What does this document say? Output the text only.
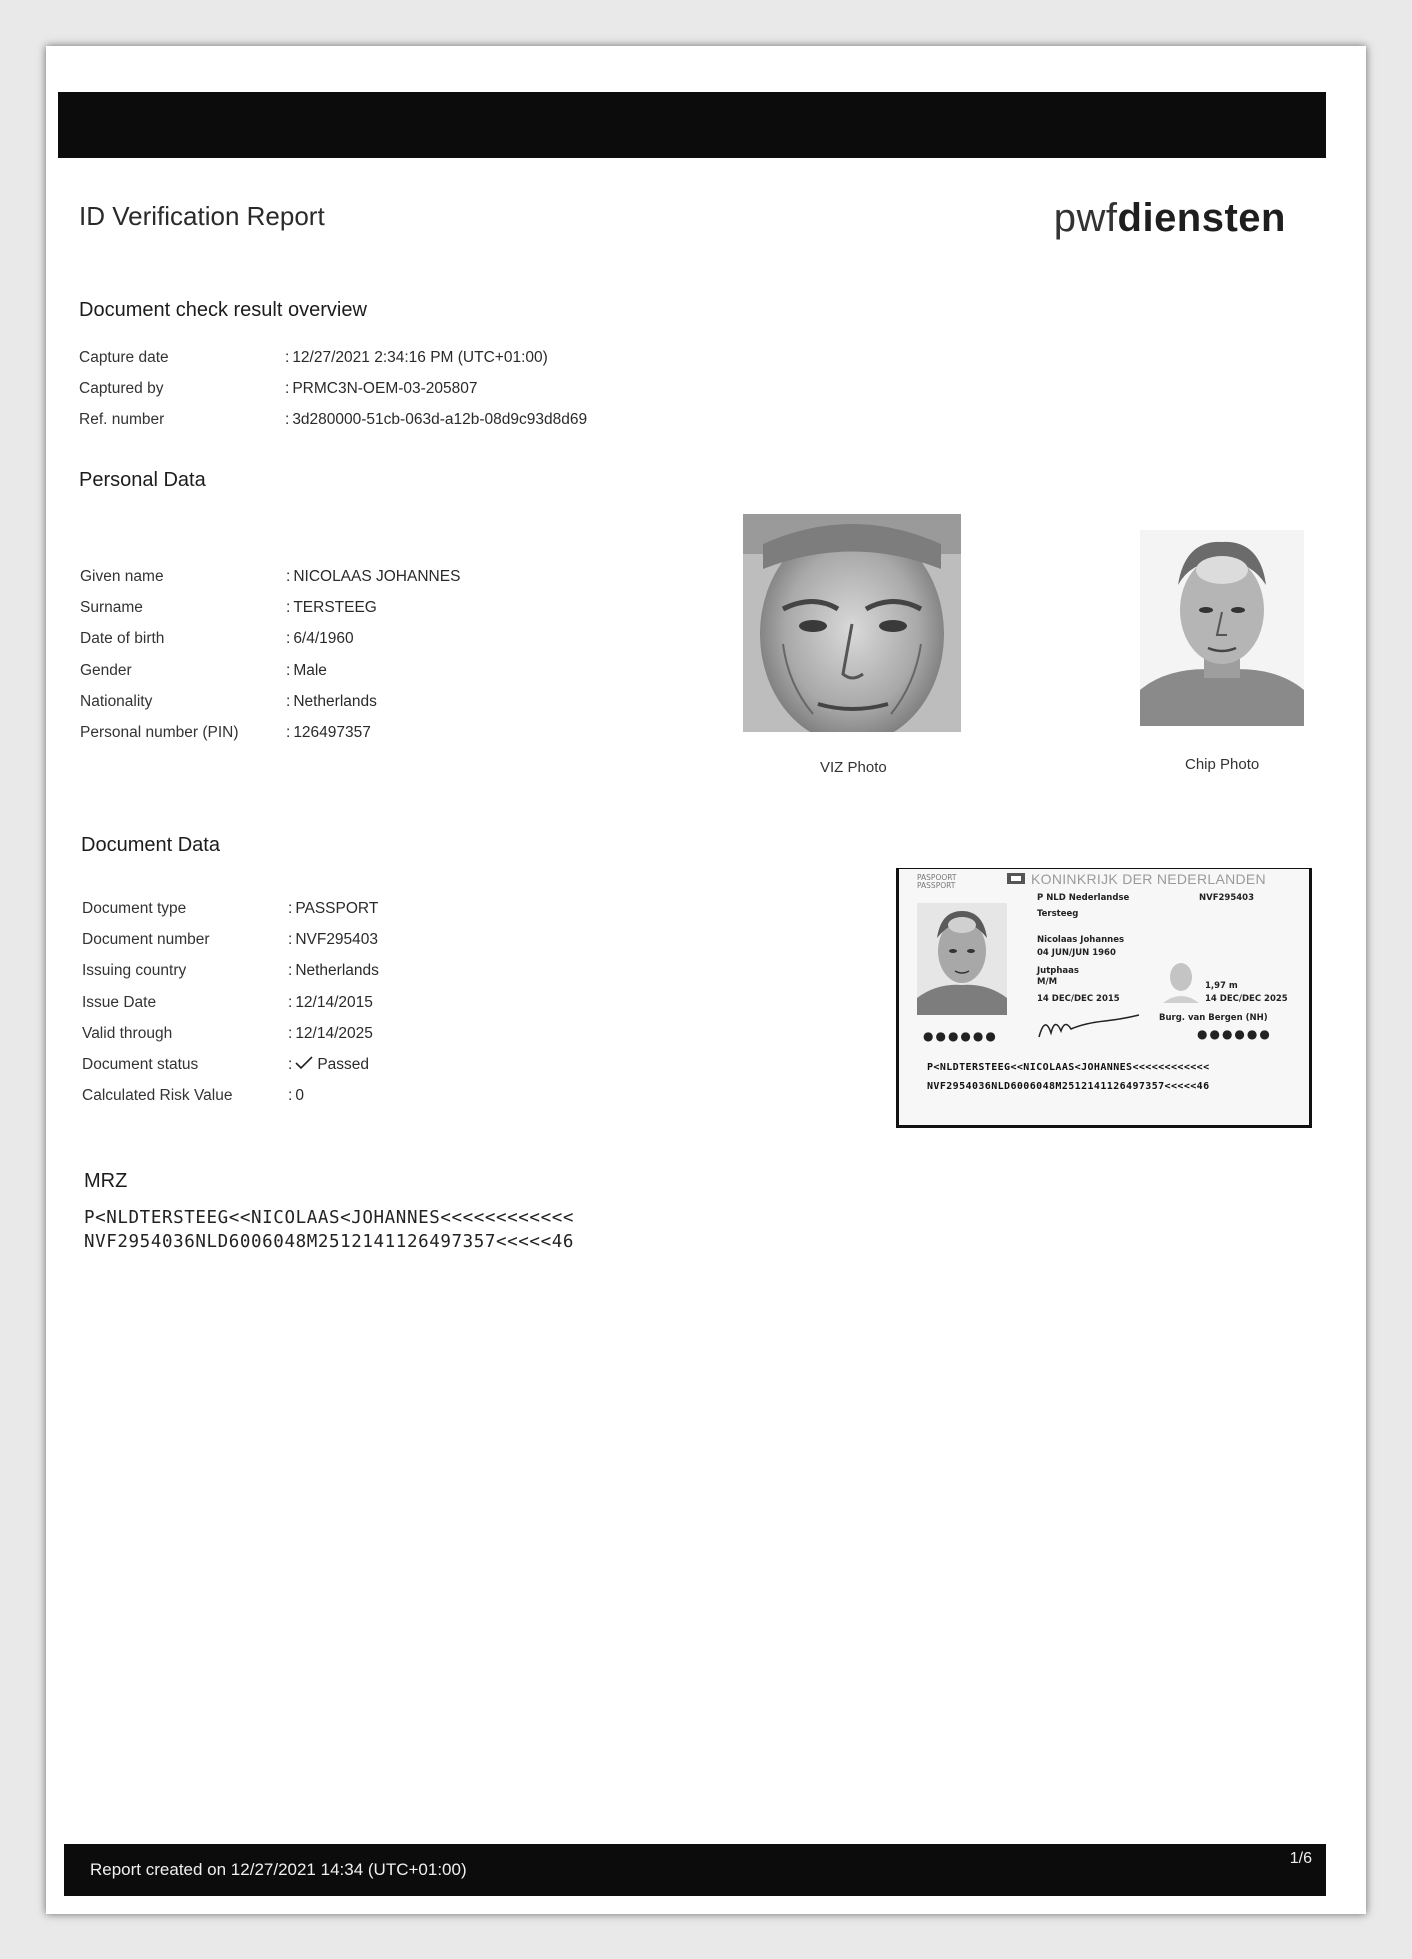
ID Verification Report	pwfdiensten
Document check result overview
Capture date	: 12/27/2021 2:34:16 PM (UTC+01:00)
Captured by	: PRMC3N-OEM-03-205807
Ref. number	: 3d280000-51cb-063d-a12b-08d9c93d8d69
Personal Data
Given name	: NICOLAAS JOHANNES
Surname	: TERSTEEG
Date of birth	: 6/4/1960
Gender	: Male
Nationality	: Netherlands
Personal number (PIN)	: 126497357
VIZ Photo	Chip Photo
Document Data
Document type	: PASSPORT
Document number	: NVF295403
Issuing country	: Netherlands
Issue Date	: 12/14/2015
Valid through	: 12/14/2025
Document status	: Passed
Calculated Risk Value	: 0
PASPOORT
PASSPORT	KONINKRIJK DER NEDERLANDEN
P NLD Nederlandse	NVF295403
Tersteeg
Nicolaas Johannes
04 JUN/JUN 1960
Jutphaas
M/M	1,97 m
14 DEC/DEC 2015	14 DEC/DEC 2025
Burg. van Bergen (NH)
●●●●●●	●●●●●●
P<NLDTERSTEEG<<NICOLAAS<JOHANNES<<<<<<<<<<<<
NVF2954036NLD6006048M2512141126497357<<<<<46
MRZ
P<NLDTERSTEEG<<NICOLAAS<JOHANNES<<<<<<<<<<<<
NVF2954036NLD6006048M2512141126497357<<<<<46
Report created on 12/27/2021 14:34 (UTC+01:00)
1/6
